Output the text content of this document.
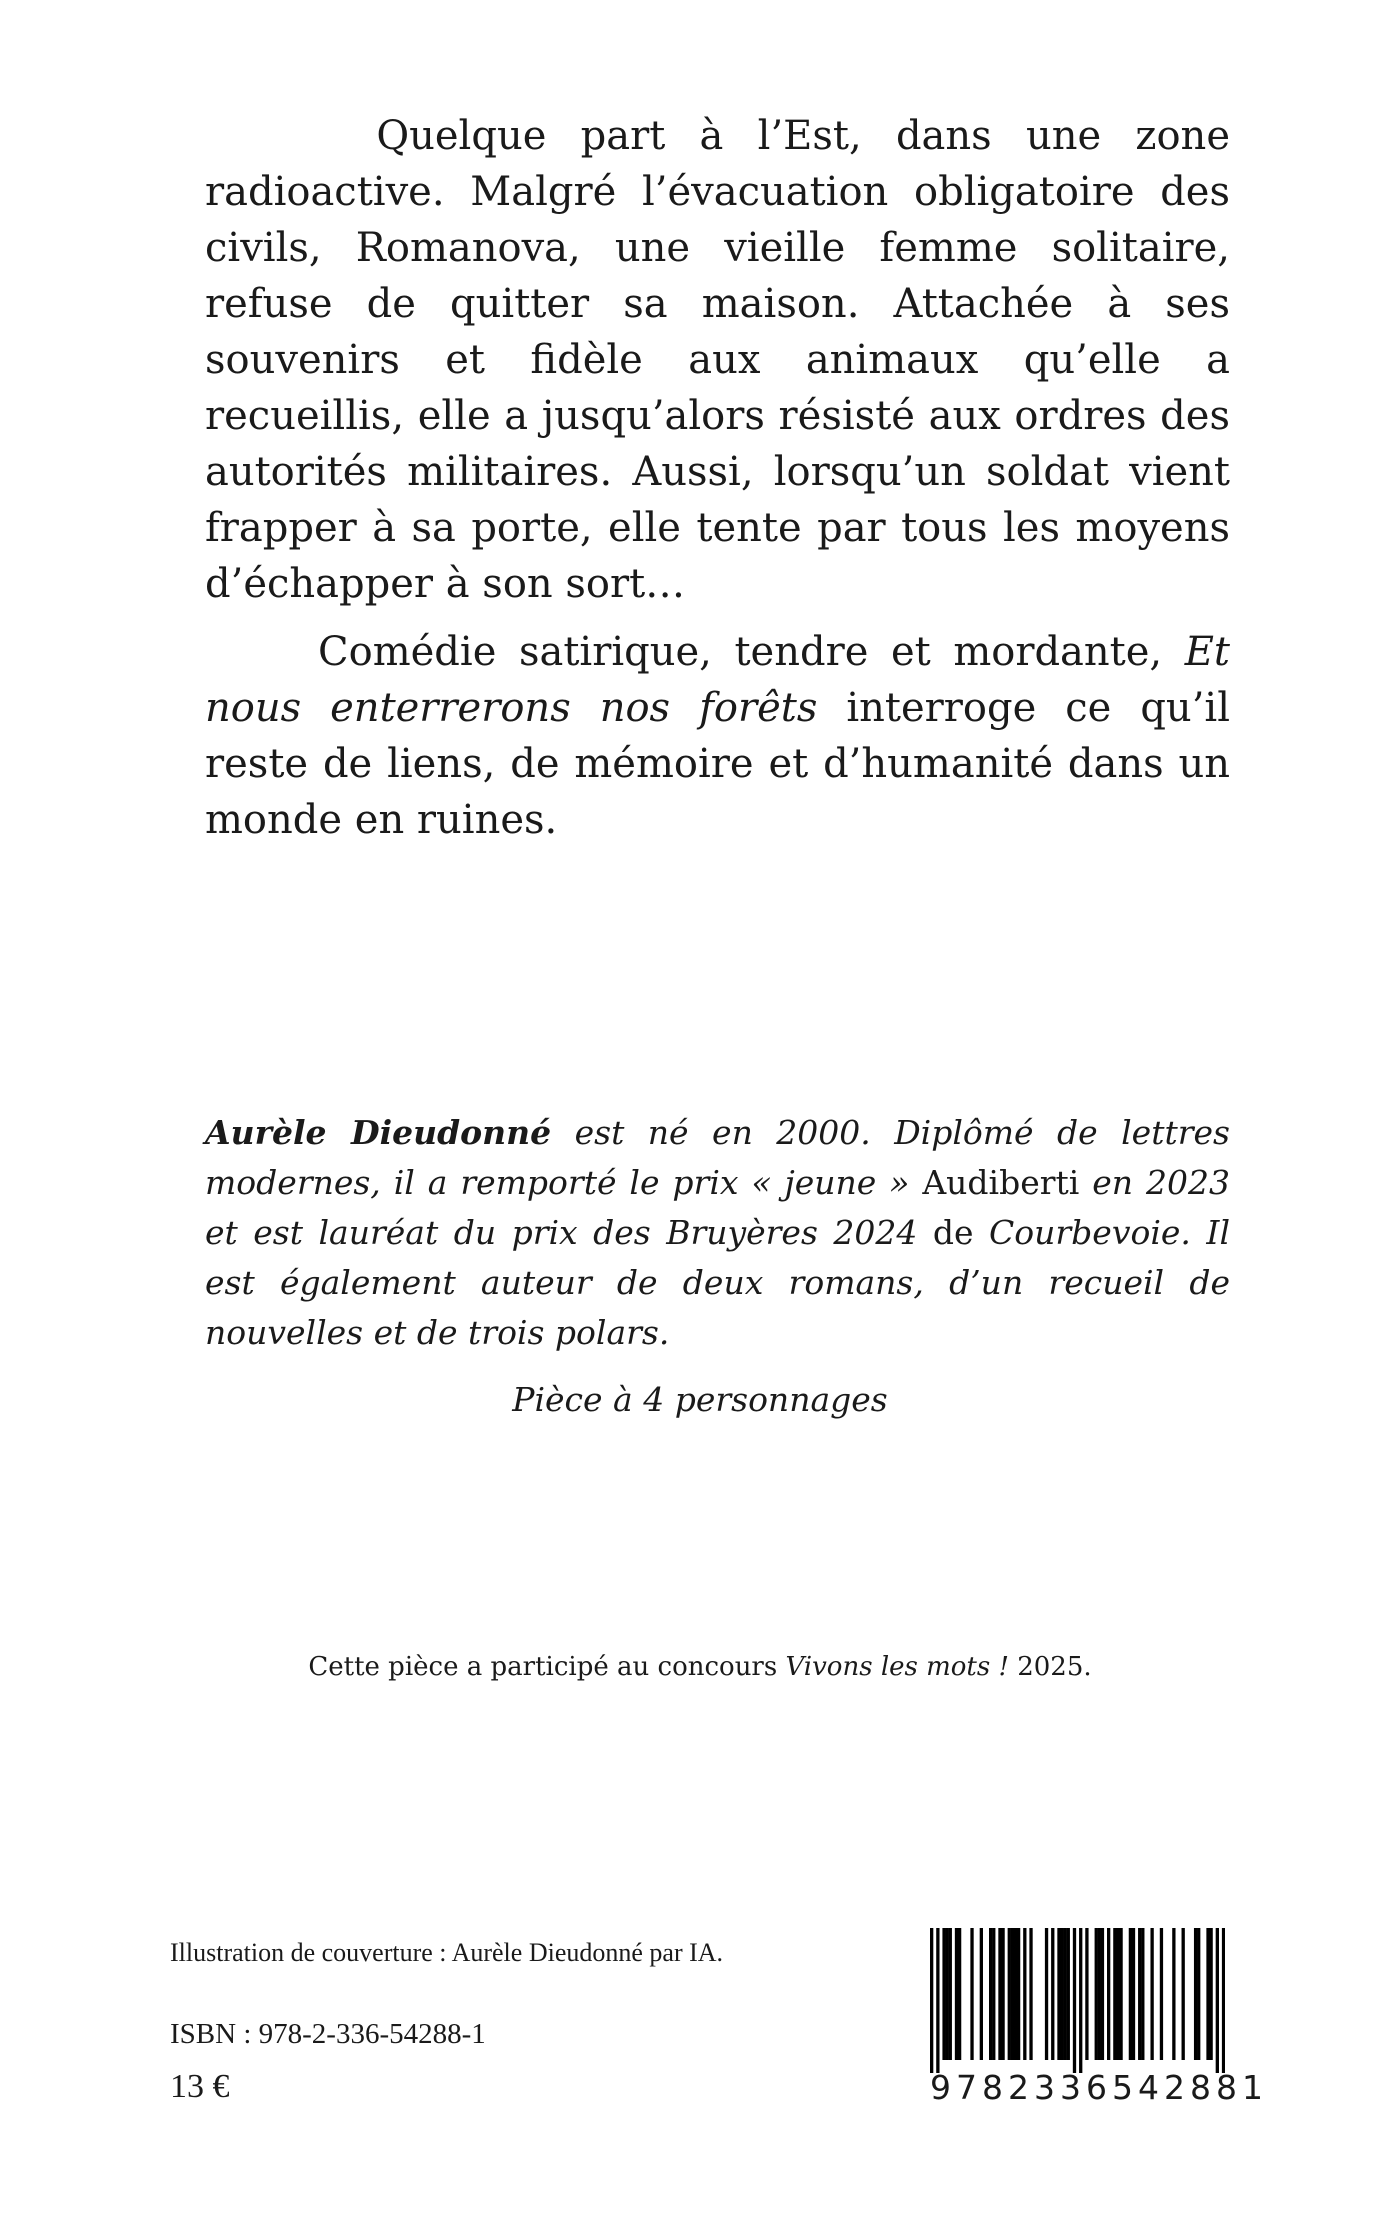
Quelque part à l’Est, dans une zone radioactive. Malgré l’évacuation obligatoire des civils, Romanova, une vieille femme solitaire, refuse de quitter sa maison. Attachée à ses souvenirs et fidèle aux animaux qu’elle a recueillis, elle a jusqu’alors résisté aux ordres des autorités militaires. Aussi, lorsqu’un soldat vient frapper à sa porte, elle tente par tous les moyens d’échapper à son sort…

Comédie satirique, tendre et mordante, Et nous enterrerons nos forêts interroge ce qu’il reste de liens, de mémoire et d’humanité dans un monde en ruines.

Aurèle Dieudonné est né en 2000. Diplômé de lettres modernes, il a remporté le prix « jeune » Audiberti en 2023 et est lauréat du prix des Bruyères 2024 de Courbevoie. Il est également auteur de deux romans, d’un recueil de nouvelles et de trois polars.

Pièce à 4 personnages

Cette pièce a participé au concours Vivons les mots ! 2025.

Illustration de couverture : Aurèle Dieudonné par IA.

ISBN : 978-2-336-54288-1

13 €	9782336542881
